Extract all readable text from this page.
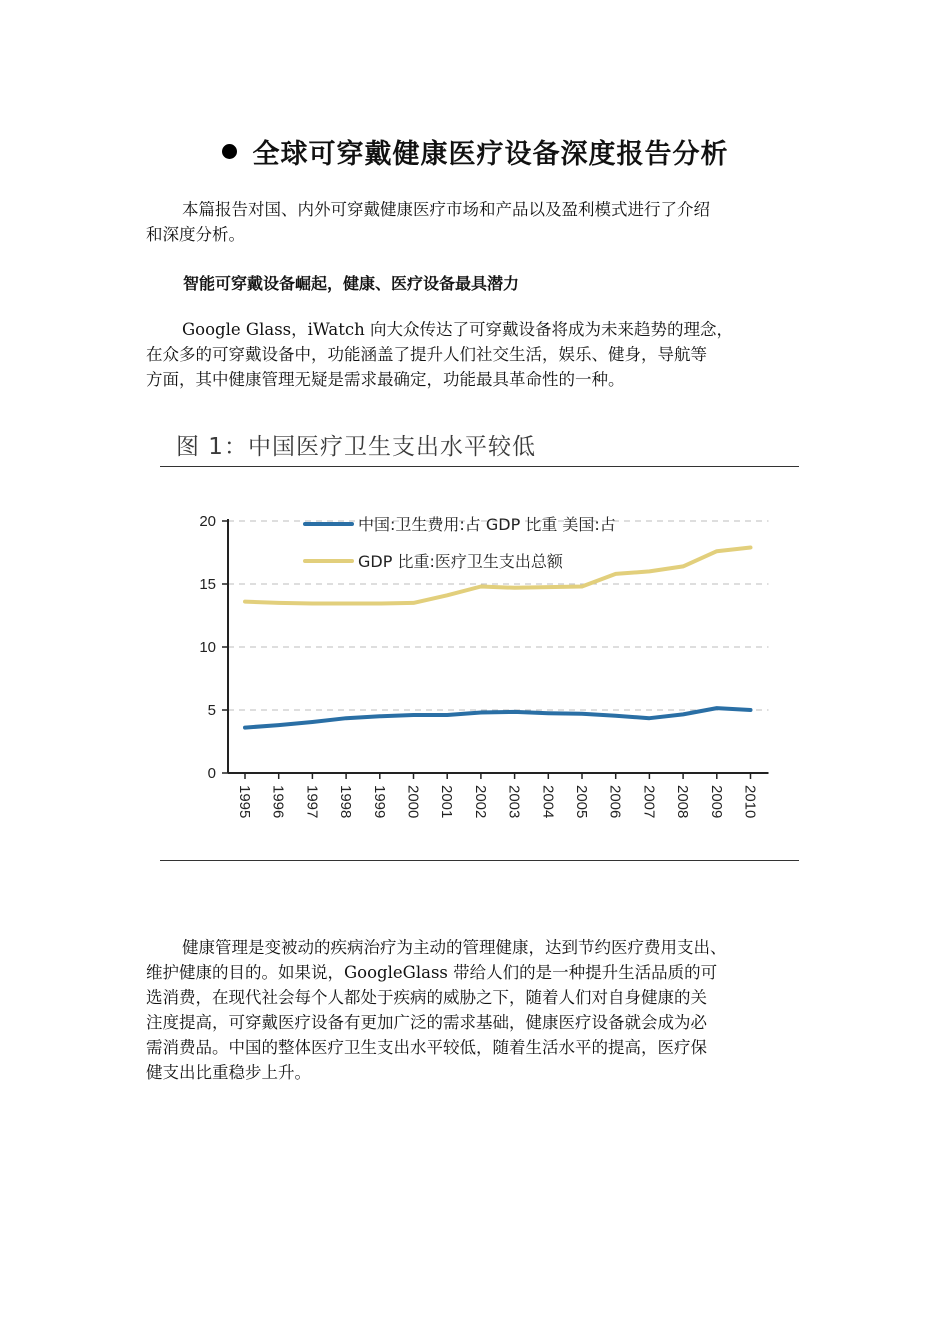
全球可穿戴健康医疗设备深度报告分析
本篇报告对国、内外可穿戴健康医疗市场和产品以及盈利模式进行了介绍
和深度分析。
智能可穿戴设备崛起，健康、医疗设备最具潜力
Google Glass，iWatch 向大众传达了可穿戴设备将成为未来趋势的理念，
在众多的可穿戴设备中，功能涵盖了提升人们社交生活，娱乐、健身，导航等
方面，其中健康管理无疑是需求最确定，功能最具革命性的一种。
图 1：中国医疗卫生支出水平较低
0
5
10
15
20
1995 1996 1997 1998 1999 2000 2001 2002 2003 2004 2005 2006 2007 2008 2009 2010
中国:卫生费用:占 GDP 比重 美国:占
GDP 比重:医疗卫生支出总额
健康管理是变被动的疾病治疗为主动的管理健康，达到节约医疗费用支出、
维护健康的目的。如果说，GoogleGlass 带给人们的是一种提升生活品质的可
选消费，在现代社会每个人都处于疾病的威胁之下，随着人们对自身健康的关
注度提高，可穿戴医疗设备有更加广泛的需求基础，健康医疗设备就会成为必
需消费品。中国的整体医疗卫生支出水平较低，随着生活水平的提高，医疗保
健支出比重稳步上升。
